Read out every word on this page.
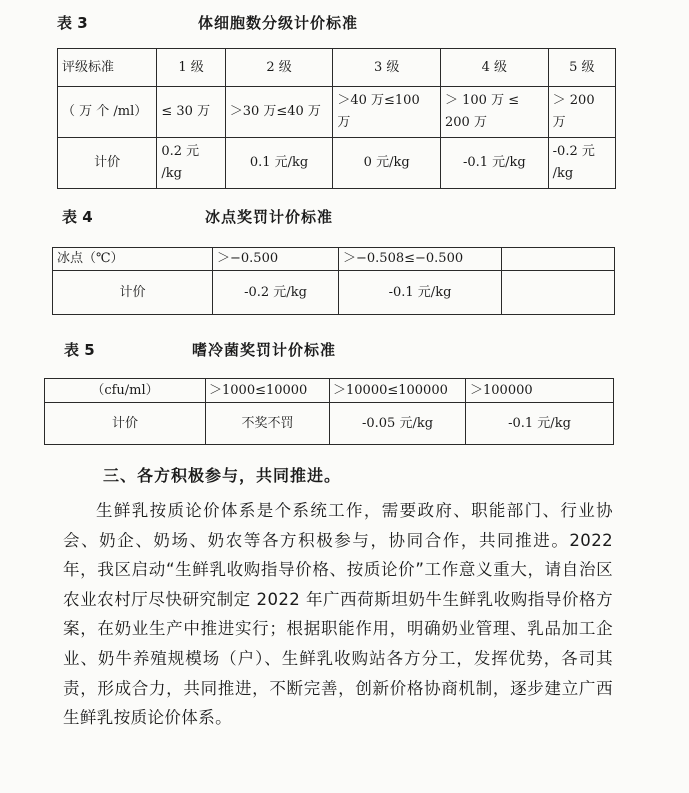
表 3	体细胞数分级计价标准
评级标准	1 级	2 级	3 级	4 级	5 级
（ 万 个 /ml）	≤ 30 万	＞30 万≤40 万	＞40 万≤100 万	＞ 100 万 ≤ 200 万	＞ 200 万
计价	0.2 元 /kg	0.1 元/kg	0 元/kg	-0.1 元/kg	-0.2 元 /kg
表 4	冰点奖罚计价标准
冰点（℃）	＞−0.500	＞−0.508≤−0.500	
计价	-0.2 元/kg	-0.1 元/kg	
表 5	嗜冷菌奖罚计价标准
（cfu/ml）	＞1000≤10000	＞10000≤100000	＞100000
计价	不奖不罚	-0.05 元/kg	-0.1 元/kg
三、各方积极参与，共同推进。
生鲜乳按质论价体系是个系统工作，需要政府、职能部门、行业协会、奶企、奶场、奶农等各方积极参与，协同合作，共同推进。2022 年，我区启动“生鲜乳收购指导价格、按质论价”工作意义重大，请自治区农业农村厅尽快研究制定 2022 年广西荷斯坦奶牛生鲜乳收购指导价格方案，在奶业生产中推进实行；根据职能作用，明确奶业管理、乳品加工企业、奶牛养殖规模场（户）、生鲜乳收购站各方分工，发挥优势，各司其责，形成合力，共同推进，不断完善，创新价格协商机制，逐步建立广西生鲜乳按质论价体系。
